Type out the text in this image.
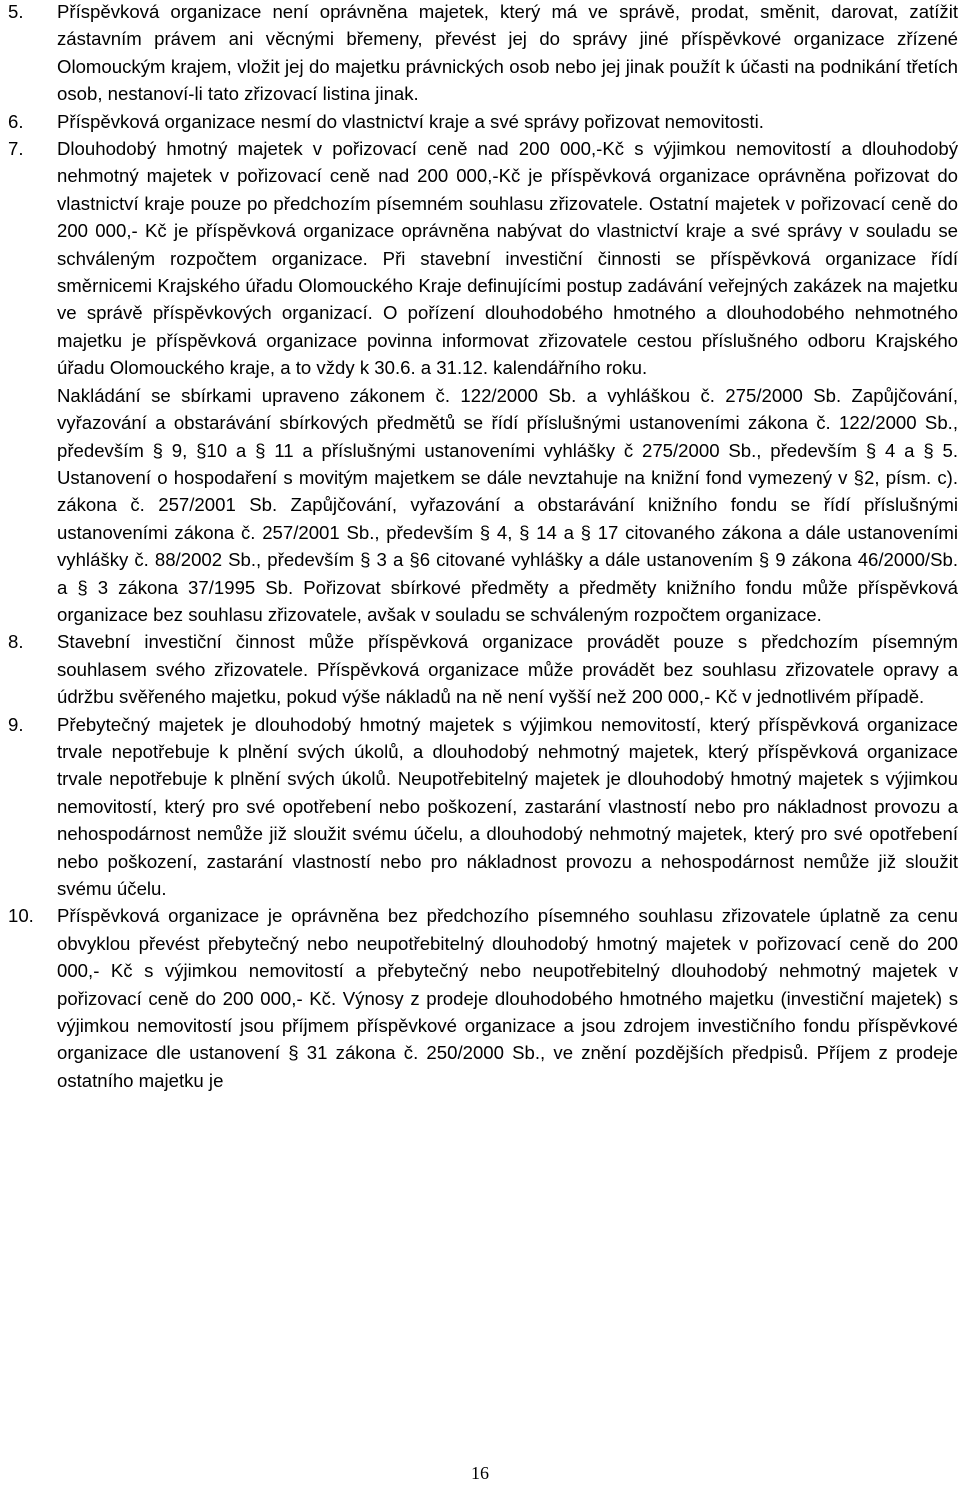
5. Příspěvková organizace není oprávněna majetek, který má ve správě, prodat, směnit, darovat, zatížit zástavním právem ani věcnými břemeny, převést jej do správy jiné příspěvkové organizace zřízené Olomouckým krajem, vložit jej do majetku právnických osob nebo jej jinak použít k účasti na podnikání třetích osob, nestanoví-li tato zřizovací listina jinak.

6. Příspěvková organizace nesmí do vlastnictví kraje a své správy pořizovat nemovitosti.

7. Dlouhodobý hmotný majetek v pořizovací ceně nad 200 000,-Kč s výjimkou nemovitostí a dlouhodobý nehmotný majetek v pořizovací ceně nad 200 000,-Kč je příspěvková organizace oprávněna pořizovat do vlastnictví kraje pouze po předchozím písemném souhlasu zřizovatele. Ostatní majetek v pořizovací ceně do 200 000,- Kč je příspěvková organizace oprávněna nabývat do vlastnictví kraje a své správy v souladu se schváleným rozpočtem organizace. Při stavební investiční činnosti se příspěvková organizace řídí směrnicemi Krajského úřadu Olomouckého Kraje definujícími postup zadávání veřejných zakázek na majetku ve správě příspěvkových organizací. O pořízení dlouhodobého hmotného a dlouhodobého nehmotného majetku je příspěvková organizace povinna informovat zřizovatele cestou příslušného odboru Krajského úřadu Olomouckého kraje, a to vždy k 30.6. a 31.12. kalendářního roku.

Nakládání se sbírkami upraveno zákonem č. 122/2000 Sb. a vyhláškou č. 275/2000 Sb. Zapůjčování, vyřazování a obstarávání sbírkových předmětů se řídí příslušnými ustanoveními zákona č. 122/2000 Sb., především § 9, §10 a § 11 a příslušnými ustanoveními vyhlášky č 275/2000 Sb., především § 4 a § 5. Ustanovení o hospodaření s movitým majetkem se dále nevztahuje na knižní fond vymezený v §2, písm. c). zákona č. 257/2001 Sb. Zapůjčování, vyřazování a obstarávání knižního fondu se řídí příslušnými ustanoveními zákona č. 257/2001 Sb., především § 4, § 14 a § 17 citovaného zákona a dále ustanoveními vyhlášky č. 88/2002 Sb., především § 3 a §6 citované vyhlášky a dále ustanovením § 9 zákona 46/2000/Sb. a § 3 zákona 37/1995 Sb. Pořizovat sbírkové předměty a předměty knižního fondu může příspěvková organizace bez souhlasu zřizovatele, avšak v souladu se schváleným rozpočtem organizace.

8. Stavební investiční činnost může příspěvková organizace provádět pouze s předchozím písemným souhlasem svého zřizovatele. Příspěvková organizace může provádět bez souhlasu zřizovatele opravy a údržbu svěřeného majetku, pokud výše nákladů na ně není vyšší než 200 000,- Kč v jednotlivém případě.

9. Přebytečný majetek je dlouhodobý hmotný majetek s výjimkou nemovitostí, který příspěvková organizace trvale nepotřebuje k plnění svých úkolů, a dlouhodobý nehmotný majetek, který příspěvková organizace trvale nepotřebuje k plnění svých úkolů. Neupotřebitelný majetek je dlouhodobý hmotný majetek s výjimkou nemovitostí, který pro své opotřebení nebo poškození, zastarání vlastností nebo pro nákladnost provozu a nehospodárnost nemůže již sloužit svému účelu, a dlouhodobý nehmotný majetek, který pro své opotřebení nebo poškození, zastarání vlastností nebo pro nákladnost provozu a nehospodárnost nemůže již sloužit svému účelu.

10. Příspěvková organizace je oprávněna bez předchozího písemného souhlasu zřizovatele úplatně za cenu obvyklou převést přebytečný nebo neupotřebitelný dlouhodobý hmotný majetek v pořizovací ceně do 200 000,- Kč s výjimkou nemovitostí a přebytečný nebo neupotřebitelný dlouhodobý nehmotný majetek v pořizovací ceně do 200 000,- Kč. Výnosy z prodeje dlouhodobého hmotného majetku (investiční majetek) s výjimkou nemovitostí jsou příjmem příspěvkové organizace a jsou zdrojem investičního fondu příspěvkové organizace dle ustanovení § 31 zákona č. 250/2000 Sb., ve znění pozdějších předpisů. Příjem z prodeje ostatního majetku je

16
